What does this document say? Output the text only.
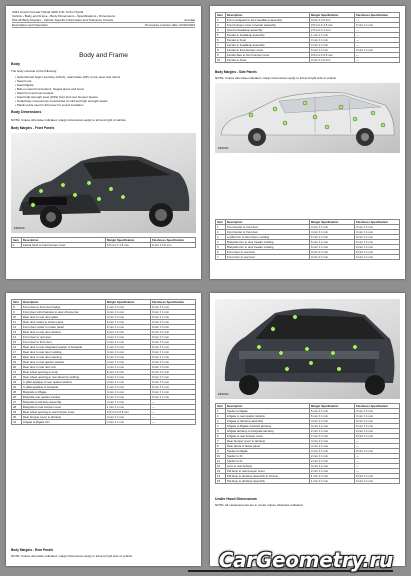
2024 Lincoln Corsair Hybrid 4WD 2.5L Turbo Hybrid
Vehicle › Body and Frame › Body Dimensions › Specifications › Dimensions
501-26 Body Repairs - Vehicle Specific Information and Tolerance Checks	Acrobat
Description and Operation	Procedure revision date: 02/10/2023
Body and Frame
Body
The body consists of the following:
• Hydroformed High Low Alloy (HSLA), dual phase (DP), boron steel and others
• Steel hood
• Steel liftgate
• Bolt-on steel front fenders, hinged doors and hood
• Steel front and rear fenders
• Steel high strength steel (HSS) front and rear bumper beams
• Underbody components constructed of mild and high strength steels
• Plastic parts used in full cover for sound insulation
Body Dimensions
NOTE: Unless otherwise indicated, margin dimensions apply to left and right of vehicle.
Body Margins - Front Panels
E350018
Item	Description	Margin Specification	Flushness Specification
1	Fascia hood to front bumper cover	5.5 mm ± 1.5 mm	0 mm ± 1.5 mm
Item	Description	Margin Specification	Flushness Specification
2	Front mudguard to front headlamp assembly	4 mm ± 1.5 mm	—
3	Front bumper cover to fender assembly	0.5 mm ± 1.5 mm	0 mm ± 1 mm
4	Hood to headlamp assembly	2.5 mm ± 1 mm	—
5	Fender to headlamp assembly	1 mm ± 1 mm	—
6	Fender to hood	3 mm ± 1 mm	—
7	Fender to headlamp assembly	3 mm ± 1 mm	—
8	Fender to front bumper cover	0 mm ± 1 mm	0 mm ± 1 mm
9	Fender flare to front bumper cover	0.5 mm ± 0.5 mm	—
10	Fender to hood	3 mm ± 1.5 mm	—
Body Margins - Side Panels
NOTE: Unless otherwise indicated, margin dimensions apply to left and right side of vehicle.
E350031
Item	Description	Margin Specification	Flushness Specification
1	Front fender to front door	4 mm ± 1 mm	0 mm ± 1 mm
2	Front fender to front door	4 mm ± 1 mm	0 mm ± 1 mm
3	A-pillar trim to door frame molding	6 mm ± 1 mm	0 mm ± 1 mm
4	Bodyside trim to door header molding	6 mm ± 1 mm	0 mm ± 1 mm
5	Bodyside trim to door header molding	6 mm ± 1 mm	0 mm ± 1 mm
6	Front door to rear door	4 mm ± 1 mm	0 mm ± 1 mm
7	Front door to rear door	4 mm ± 1 mm	0 mm ± 1 mm
Item	Description	Margin Specification	Flushness Specification
8	Front door to front door badge	6 mm ± 1 mm	0 mm ± 1 mm
9	Front door mirror/window to door chrome bar	4 mm ± 1 mm	0 mm ± 1 mm
10	Rear door to rear door glass	4 mm ± 1 mm	0 mm ± 1 mm
11	Rear door rocker to rocker panel	6 mm ± 1 mm	0 mm ± 1 mm
12	Front door rocker to rocker panel	6 mm ± 1 mm	0 mm ± 1 mm
13	Rear door to rear door window	4 mm ± 1 mm	0 mm ± 1 mm
14	Front door to rear door	4 mm ± 1 mm	0 mm ± 1 mm
15	Front door to front door	4 mm ± 1 mm	0 mm ± 1 mm
16	Rear door to rear integrated quarter to bodyside	6 mm ± 1 mm	0 mm ± 1 mm
17	Rear door to rear door molding	4 mm ± 1 mm	0 mm ± 1 mm
18	Rear door to rear door opening	6 mm ± 1 mm	0 mm ± 1 mm
19	Rear door to rear quarter window	4 mm ± 1 mm	0 mm ± 1 mm
20	Rear door to rear door trim	4 mm ± 1 mm	0 mm ± 1 mm
21	Rear wheel opening to body	6 mm ± 1 mm	0 mm ± 1 mm
22	Rear wheel opening to rear wheel lip molding	0 mm ± 1 mm	0 mm ± 1 mm
23	C-pillar applique to rear quarter window	4 mm ± 1 mm	0 mm ± 1 mm
24	C-pillar applique to bodyside	6 mm ± 1 mm	0 mm ± 1 mm
25	Bodyside to liftgate	4 mm ± 1 mm	0 mm ± 1 mm
26	Bodyside rear quarter window	6 mm ± 1 mm	0 mm ± 1 mm
27	Bodyside to tail lamp assembly	3 mm ± 1 mm	—
28	Bodyside to rear bumper cover	1 mm ± 1 mm	—
29	Rear wheel opening to rear bumper cover	0.5 mm ± 0.5 mm	—
30	Rear bumper cover to tail lamp	3 mm ± 1 mm	—
31	Liftgate to liftgate trim	4 mm ± 1 mm	—
Body Margins - Rear Panels
NOTE: Unless otherwise indicated, margin dimensions apply to left and right side of vehicle.
E350032
Item	Description	Margin Specification	Flushness Specification
1	Spoiler to liftgate	5 mm ± 1 mm	0 mm ± 1 mm
2	Liftgate to rear quarter window	6 mm ± 1 mm	0 mm ± 1 mm
3	Liftgate to tail lamp assembly	4 mm ± 1 mm	0 mm ± 1 mm
4	Liftgate to liftgate-mounted tail lamp	4 mm ± 1 mm	0 mm ± 1 mm
5	Liftgate tail lamp to bodyside tail lamp	2 mm ± 1 mm	0 mm ± 1 mm
6	Liftgate to rear bumper cover	7 mm ± 1 mm	0 mm ± 1 mm
7	Rear bumper cover to tail lamp	4 mm ± 1 mm	—
8	Rear fascia to fascia panel	4 mm ± 1 mm	—
9	Spoiler to liftgate	3 mm ± 1 mm	0 mm ± 1 mm
10	Spoiler to fin	2 mm ± 1 mm	—
11	Spoiler to fin	2 mm ± 1 mm	—
12	Lens to rear bumper	4 mm ± 1 mm	—
13	Tail lamp to rear bumper cover	2 mm ± 1 mm	—
14	Tail lamp to tail lamp assembly to chrome	1 mm ± 1 mm	0 mm ± 1 mm
15	Tail lamp to tail lamp assembly	1 mm ± 1 mm	0 mm ± 1 mm
Under Hood Dimensions
NOTE: All measurements are in center unless otherwise indicated.
CarGeometry.ru
